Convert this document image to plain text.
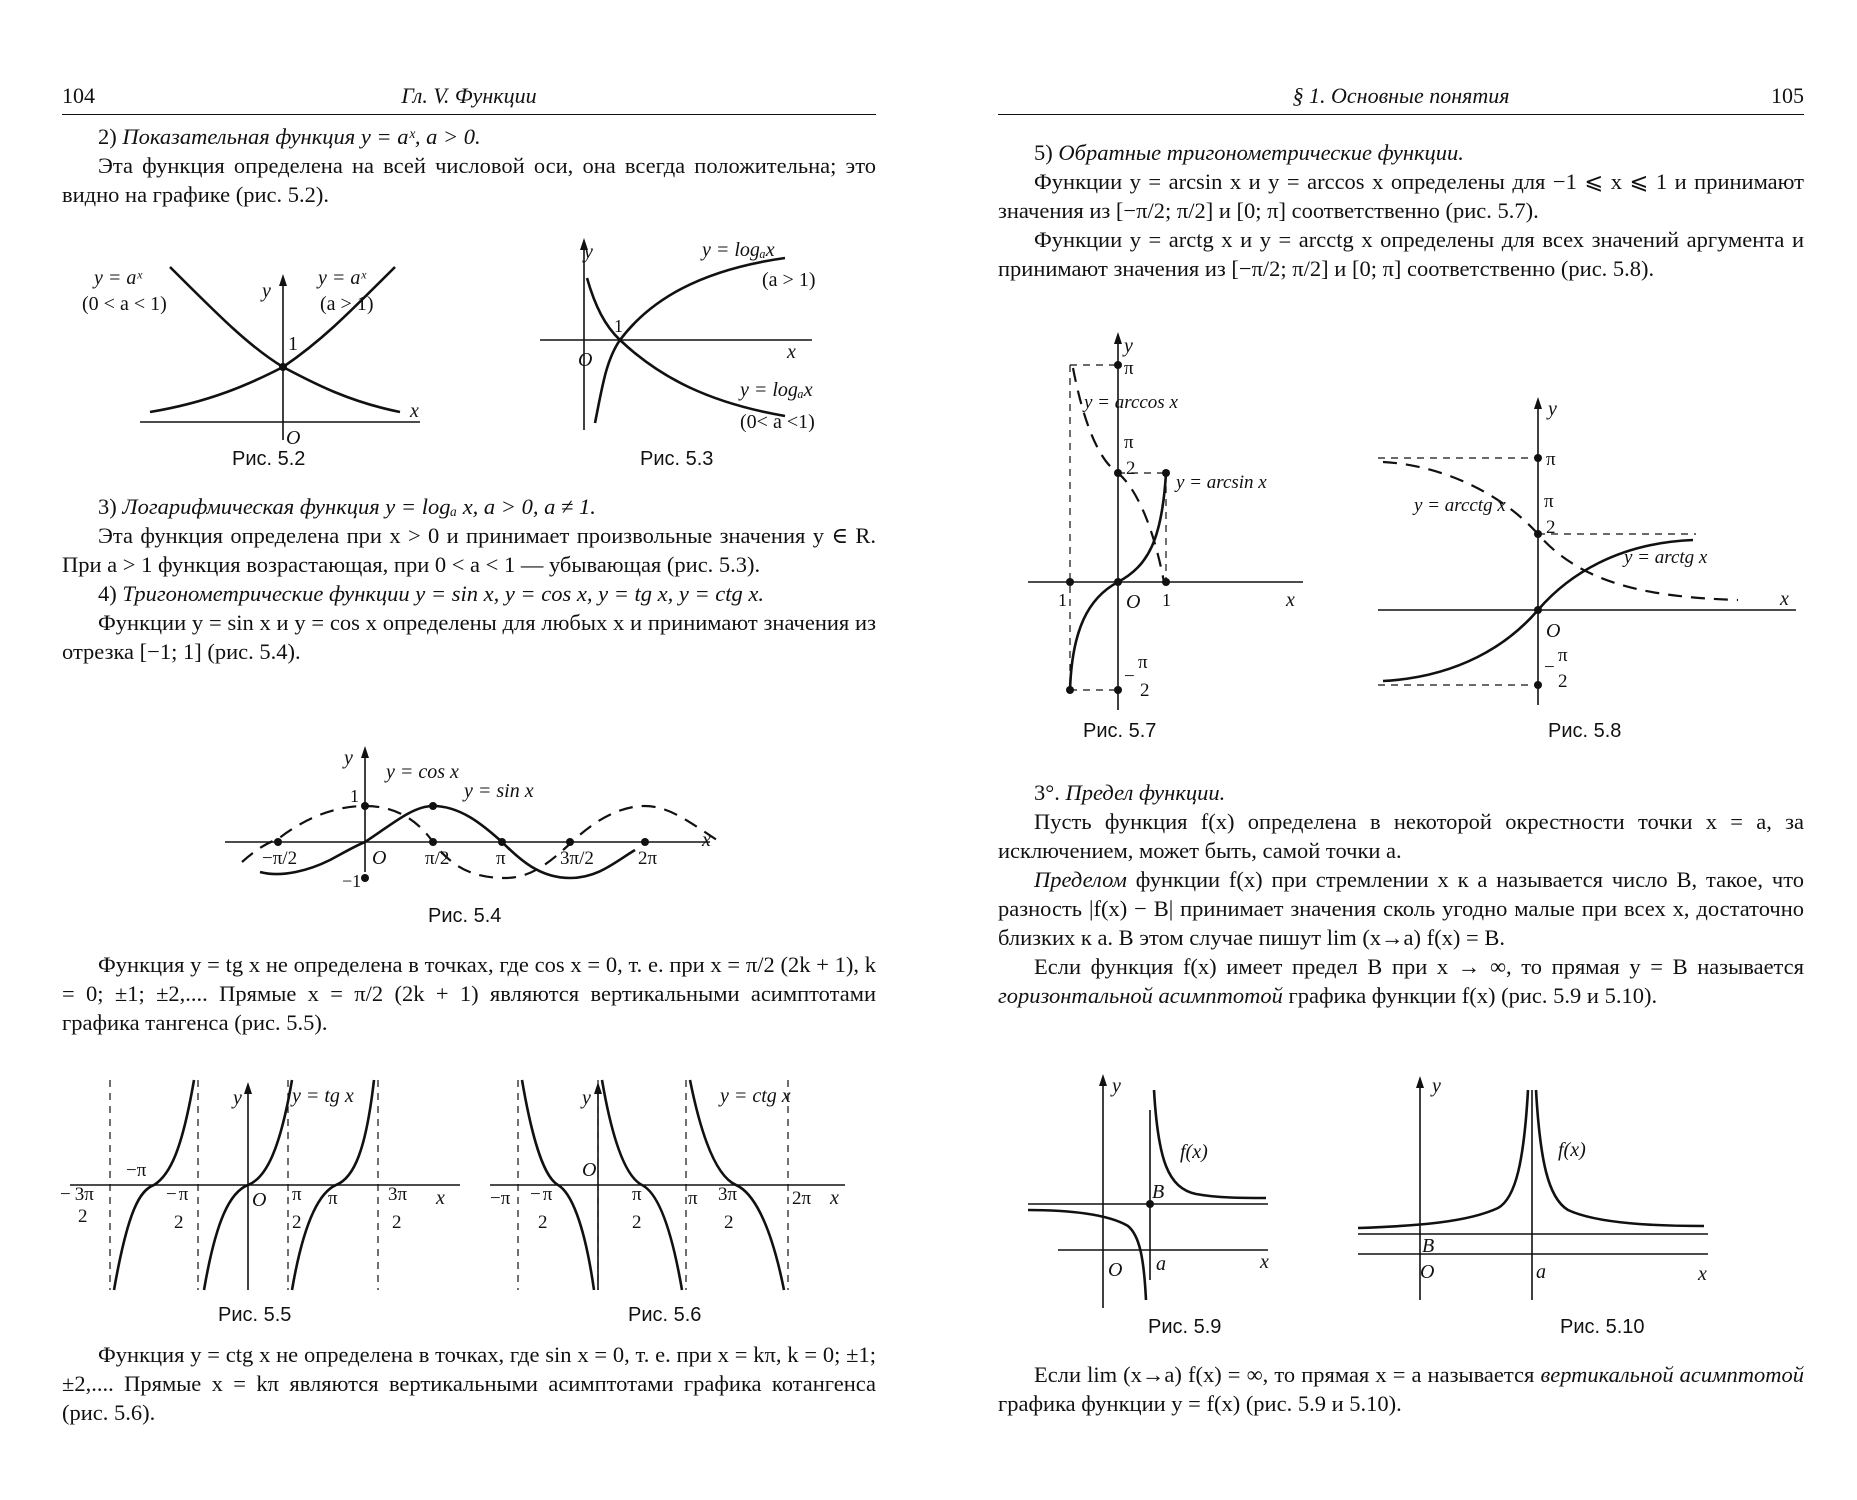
104	Гл. V. Функции

2) Показательная функция y = aˣ, a > 0.

Эта функция определена на всей числовой оси, она всегда положительна; это видно на графике (рис. 5.2).

y
x
O
1
y = aˣ
(0 < a < 1)
y = aˣ
(a > 1)
Рис. 5.2
y
x
O
1
y = logₐx
(a > 1)
y = logₐx
(0< a <1)
Рис. 5.3

3) Логарифмическая функция y = logₐ x, a > 0, a ≠ 1.

Эта функция определена при x > 0 и принимает произвольные значения y ∈ R. При a > 1 функция возрастающая, при 0 < a < 1 — убывающая (рис. 5.3).

4) Тригонометрические функции y = sin x, y = cos x, y = tg x, y = ctg x.

Функции y = sin x и y = cos x определены для любых x и принимают значения из отрезка [−1; 1] (рис. 5.4).

y
x
O
1
−1
y = cos x
y = sin x
−π/2	π/2 π	3π/2 2π
Рис. 5.4

Функция y = tg x не определена в точках, где cos x = 0, т. е. при x = π/2 (2k + 1), k = 0; ±1; ±2,.... Прямые x = π/2 (2k + 1) являются вертикальными асимптотами графика тангенса (рис. 5.5).

y
x
O
y = tg x
−π
π
− 3π
2
− π
2
π
2
3π
2
Рис. 5.5
y
x
O
y = ctg x
−π	π	2π
− π
2
π
2
3π
2
Рис. 5.6

Функция y = ctg x не определена в точках, где sin x = 0, т. е. при x = kπ, k = 0; ±1; ±2,.... Прямые x = kπ являются вертикальными асимптотами графика котангенса (рис. 5.6).

§ 1. Основные понятия	105

5) Обратные тригонометрические функции.

Функции y = arcsin x и y = arccos x определены для −1 ⩽ x ⩽ 1 и принимают значения из [−π/2; π/2] и [0; π] соответственно (рис. 5.7).

Функции y = arctg x и y = arcctg x определены для всех значений аргумента и принимают значения из [−π/2; π/2] и [0; π] соответственно (рис. 5.8).

y
x
O
π
y = arccos x
y = arcsin x
1	1
π
2
π
2
−
Рис. 5.7
y
x
O
π
π
2
−
π
2
y = arcctg x
y = arctg x
Рис. 5.8

3°. Предел функции.

Пусть функция f(x) определена в некоторой окрестности точки x = a, за исключением, может быть, самой точки a.

Пределом функции f(x) при стремлении x к a называется число B, такое, что разность |f(x) − B| принимает значения сколь угодно малые при всех x, достаточно близких к a. В этом случае пишут lim (x→a) f(x) = B.

Если функция f(x) имеет предел B при x → ∞, то прямая y = B называется горизонтальной асимптотой графика функции f(x) (рис. 5.9 и 5.10).

y
x
O a
B
f(x)
Рис. 5.9
y
x
O	a
B
f(x)
Рис. 5.10

Если lim (x→a) f(x) = ∞, то прямая x = a называется вертикальной асимптотой графика функции y = f(x) (рис. 5.9 и 5.10).
